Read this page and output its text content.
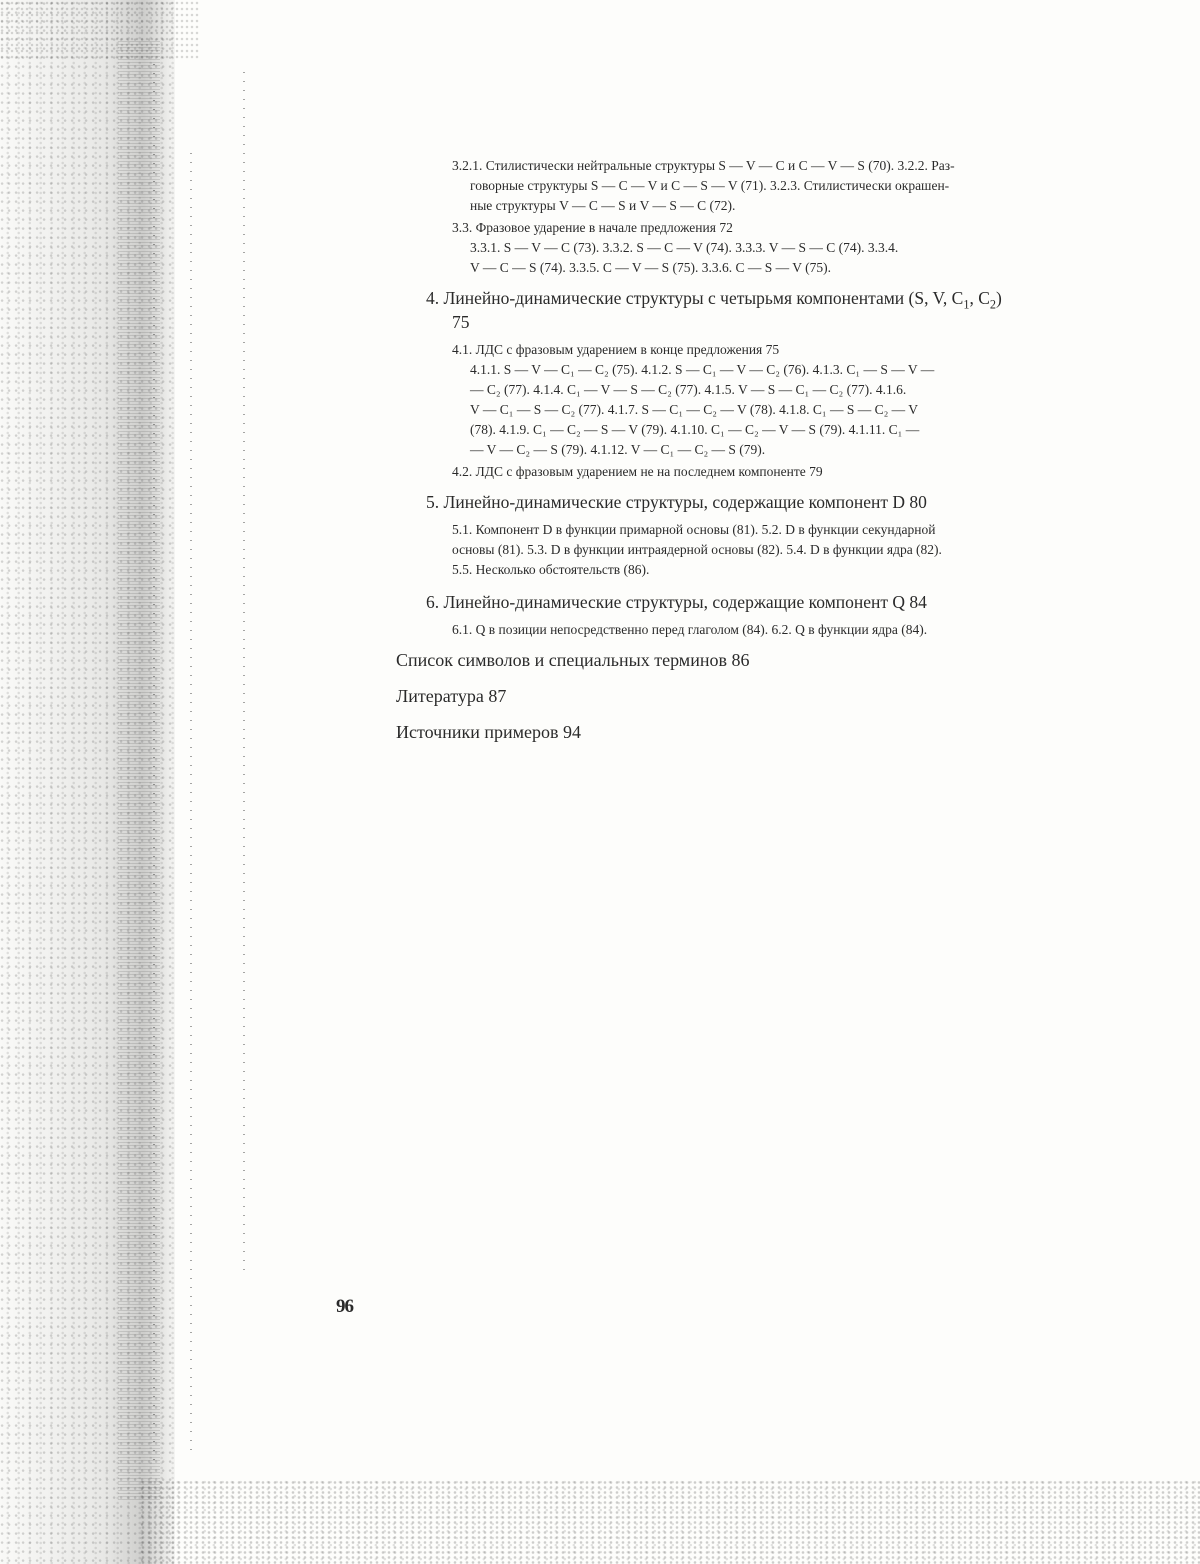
3.2.1. Стилистически нейтральные структуры S — V — C и C — V — S (70). 3.2.2. Раз-
говорные структуры S — C — V и C — S — V (71). 3.2.3. Стилистически окрашен-
ные структуры V — C — S и V — S — C (72).
3.3. Фразовое ударение в начале предложения 72
3.3.1. S — V — C (73). 3.3.2. S — C — V (74). 3.3.3. V — S — C (74). 3.3.4.
V — C — S (74). 3.3.5. C — V — S (75). 3.3.6. C — S — V (75).
4. Линейно-динамические структуры с четырьмя компонентами (S, V, $C_1$, $C_2$)
75
4.1. ЛДС с фразовым ударением в конце предложения 75
4.1.1. S — V — C₁ — C₂ (75). 4.1.2. S — C₁ — V — C₂ (76). 4.1.3. C₁ — S — V —
— C₂ (77). 4.1.4. C₁ — V — S — C₂ (77). 4.1.5. V — S — C₁ — C₂ (77). 4.1.6.
V — C₁ — S — C₂ (77). 4.1.7. S — C₁ — C₂ — V (78). 4.1.8. C₁ — S — C₂ — V
(78). 4.1.9. C₁ — C₂ — S — V (79). 4.1.10. C₁ — C₂ — V — S (79). 4.1.11. C₁ —
— V — C₂ — S (79). 4.1.12. V — C₁ — C₂ — S (79).
4.2. ЛДС с фразовым ударением не на последнем компоненте 79
5. Линейно-динамические структуры, содержащие компонент D 80
5.1. Компонент D в функции примарной основы (81). 5.2. D в функции секундарной
основы (81). 5.3. D в функции интраядерной основы (82). 5.4. D в функции ядра (82).
5.5. Несколько обстоятельств (86).
6. Линейно-динамические структуры, содержащие компонент Q 84
6.1. Q в позиции непосредственно перед глаголом (84). 6.2. Q в функции ядра (84).
Список символов и специальных терминов 86
Литература 87
Источники примеров 94
96
